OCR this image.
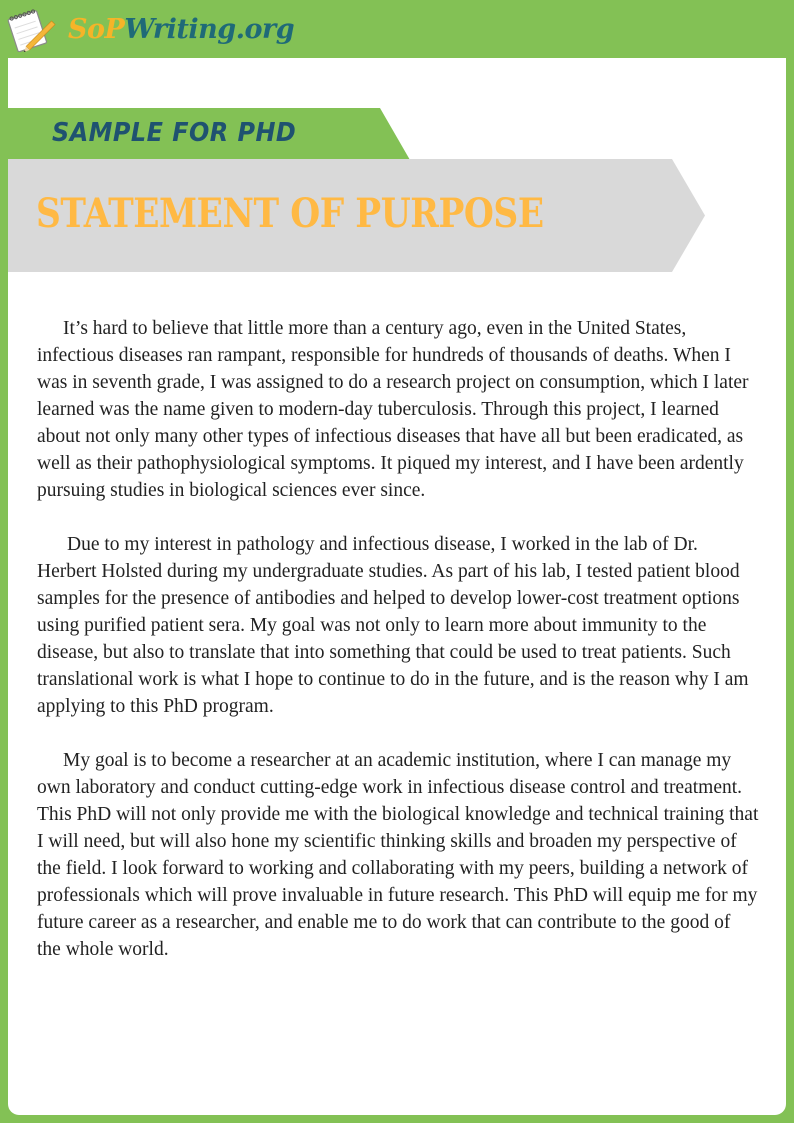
SoPWriting.org
SAMPLE FOR PHD
STATEMENT OF PURPOSE

It’s hard to believe that little more than a century ago, even in the United States, infectious diseases ran rampant, responsible for hundreds of thousands of deaths. When I was in seventh grade, I was assigned to do a research project on consumption, which I later learned was the name given to modern-day tuberculosis. Through this project, I learned about not only many other types of infectious diseases that have all but been eradicated, as well as their pathophysiological symptoms. It piqued my interest, and I have been ardently pursuing studies in biological sciences ever since.

Due to my interest in pathology and infectious disease, I worked in the lab of Dr. Herbert Holsted during my undergraduate studies. As part of his lab, I tested patient blood samples for the presence of antibodies and helped to develop lower-cost treatment options using purified patient sera. My goal was not only to learn more about immunity to the disease, but also to translate that into something that could be used to treat patients. Such translational work is what I hope to continue to do in the future, and is the reason why I am applying to this PhD program.

My goal is to become a researcher at an academic institution, where I can manage my own laboratory and conduct cutting-edge work in infectious disease control and treatment. This PhD will not only provide me with the biological knowledge and technical training that I will need, but will also hone my scientific thinking skills and broaden my perspective of the field. I look forward to working and collaborating with my peers, building a network of professionals which will prove invaluable in future research. This PhD will equip me for my future career as a researcher, and enable me to do work that can contribute to the good of the whole world.
